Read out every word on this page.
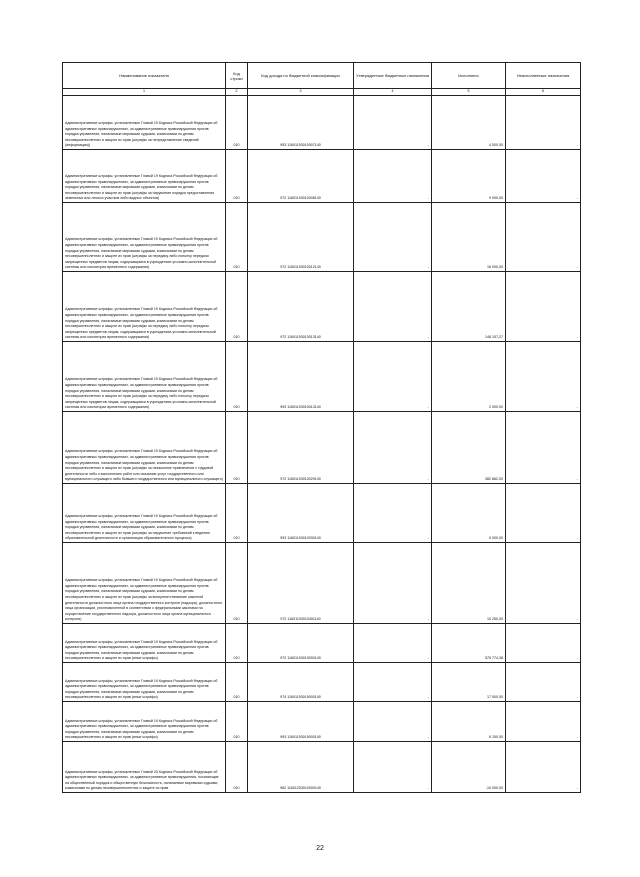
Наименование показателя	Код строки	Код дохода по бюджетной классификации	Утвержденные бюджетные назначения	Исполнено	Неисполненные назначения
1	2	3	4	5	6
Административные штрафы, установленные Главой 19 Кодекса Российской Федерации об административных правонарушениях, за административные правонарушения против порядка управления, налагаемые мировыми судьями, комиссиями по делам несовершеннолетних и защите их прав (штрафы за непредставление сведений (информации))	010	953 11601193010007140	-	4 500,00	-
Административные штрафы, установленные Главой 19 Кодекса Российской Федерации об административных правонарушениях, за административные правонарушения против порядка управления, налагаемые мировыми судьями, комиссиями по делам несовершеннолетних и защите их прав (штрафы за нарушение порядка предоставления земельных или лесных участков либо водных объектов)	010	972 11601193010008140	-	9 000,00	-
Административные штрафы, установленные Главой 19 Кодекса Российской Федерации об административных правонарушениях, за административные правонарушения против порядка управления, налагаемые мировыми судьями, комиссиями по делам несовершеннолетних и защите их прав (штрафы за передачу либо попытку передачи запрещенных предметов лицам, содержащимся в учреждениях уголовно-исполнительной системы или изоляторах временного содержания)	010	972 11601193010012140	-	16 000,00	-
Административные штрафы, установленные Главой 19 Кодекса Российской Федерации об административных правонарушениях, за административные правонарушения против порядка управления, налагаемые мировыми судьями, комиссиями по делам несовершеннолетних и защите их прав (штрафы за передачу либо попытку передачи запрещенных предметов лицам, содержащимся в учреждениях уголовно-исполнительной системы или изоляторах временного содержания)	010	972 11601193010013140	-	148 157,27	-
Административные штрафы, установленные Главой 19 Кодекса Российской Федерации об административных правонарушениях, за административные правонарушения против порядка управления, налагаемые мировыми судьями, комиссиями по делам несовершеннолетних и защите их прав (штрафы за передачу либо попытку передачи запрещенных предметов лицам, содержащимся в учреждениях уголовно-исполнительной системы или изоляторах временного содержания)	010	993 11601193010013140	-	2 000,00	-
Административные штрафы, установленные Главой 19 Кодекса Российской Федерации об административных правонарушениях, за административные правонарушения против порядка управления, налагаемые мировыми судьями, комиссиями по делам несовершеннолетних и защите их прав (штрафы за незаконное привлечение к трудовой деятельности либо к выполнению работ или оказанию услуг государственного или муниципального служащего либо бывшего государственного или муниципального служащего)	010	972 11601193010029140	-	382 862,00	-
Административные штрафы, установленные Главой 19 Кодекса Российской Федерации об административных правонарушениях, за административные правонарушения против порядка управления, налагаемые мировыми судьями, комиссиями по делам несовершеннолетних и защите их прав (штрафы за нарушение требований к ведению образовательной деятельности и организации образовательного процесса)	010	993 11601193010030140	-	5 000,00	-
Административные штрафы, установленные Главой 19 Кодекса Российской Федерации об административных правонарушениях, за административные правонарушения против порядка управления, налагаемые мировыми судьями, комиссиями по делам несовершеннолетних и защите их прав (штрафы за воспрепятствование законной деятельности должностного лица органа государственного контроля (надзора), должностного лица организации, уполномоченной в соответствии с федеральными законами на осуществление государственного надзора, должностного лица органа муниципального контроля)	010	972 11601193010401140	-	10 250,00	-
Административные штрафы, установленные Главой 19 Кодекса Российской Федерации об административных правонарушениях, за административные правонарушения против порядка управления, налагаемые мировыми судьями, комиссиями по делам несовершеннолетних и защите их прав (иные штрафы)	010	972 11601193019000140	-	575 774,38	-
Административные штрафы, установленные Главой 19 Кодекса Российской Федерации об административных правонарушениях, за административные правонарушения против порядка управления, налагаемые мировыми судьями, комиссиями по делам несовершеннолетних и защите их прав (иные штрафы)	010	974 11601193019000140	-	17 500,00	-
Административные штрафы, установленные Главой 19 Кодекса Российской Федерации об административных правонарушениях, за административные правонарушения против порядка управления, налагаемые мировыми судьями, комиссиями по делам несовершеннолетних и защите их прав (иные штрафы)	010	993 11601193019000140	-	6 150,00	-
Административные штрафы, установленные Главой 20 Кодекса Российской Федерации об административных правонарушениях, за административные правонарушения, посягающие на общественный порядок и общественную безопасность, налагаемые мировыми судьями, комиссиями по делам несовершеннолетних и защите их прав	010	962 11601203010000140	-	-10 000,00	-
22
